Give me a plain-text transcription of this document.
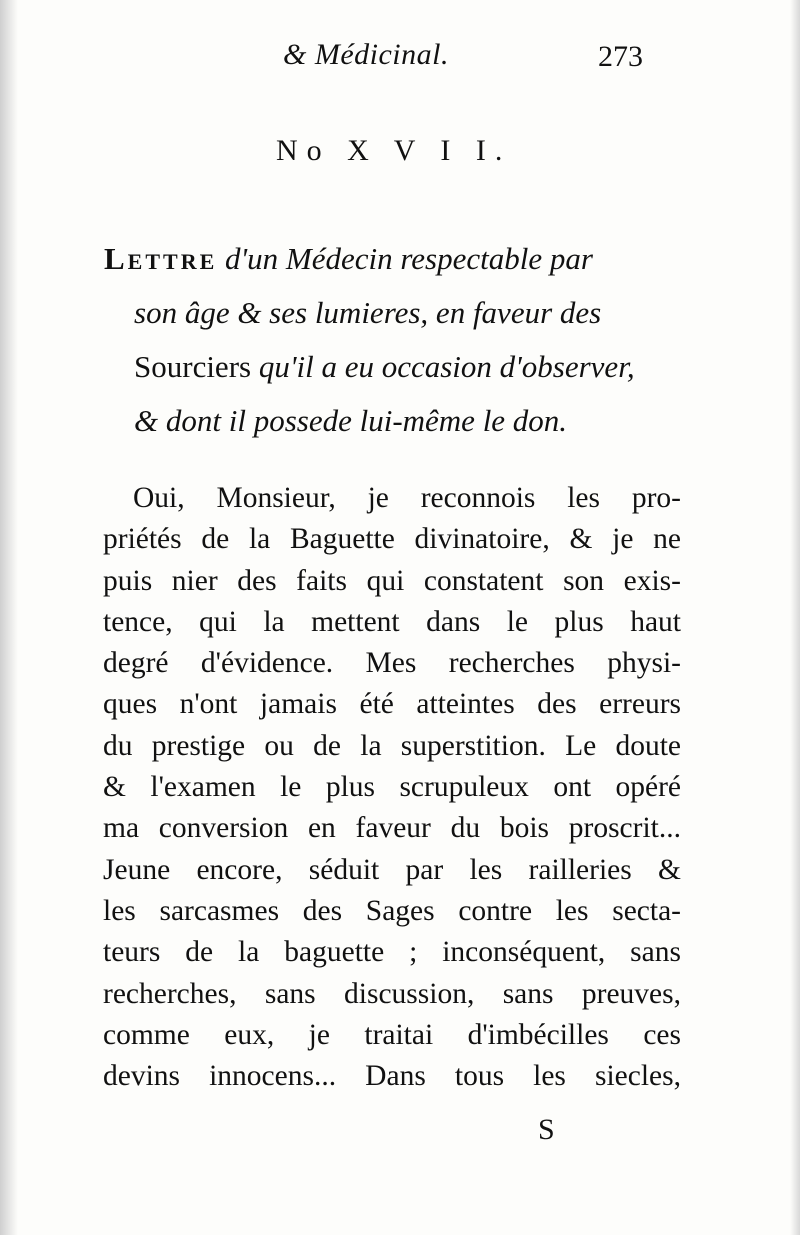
& Médicinal.	273
No X V I I.
Lettre d'un Médecin respectable par
son âge & ses lumieres, en faveur des
Sourciers qu'il a eu occasion d'observer,
& dont il possede lui-même le don.
Oui, Monsieur, je reconnois les pro-
priétés de la Baguette divinatoire, & je ne
puis nier des faits qui constatent son exis-
tence, qui la mettent dans le plus haut
degré d'évidence. Mes recherches physi-
ques n'ont jamais été atteintes des erreurs
du prestige ou de la superstition. Le doute
& l'examen le plus scrupuleux ont opéré
ma conversion en faveur du bois proscrit...
Jeune encore, séduit par les railleries &
les sarcasmes des Sages contre les secta-
teurs de la baguette ; inconséquent, sans
recherches, sans discussion, sans preuves,
comme eux, je traitai d'imbécilles ces
devins innocens... Dans tous les siecles,
S
